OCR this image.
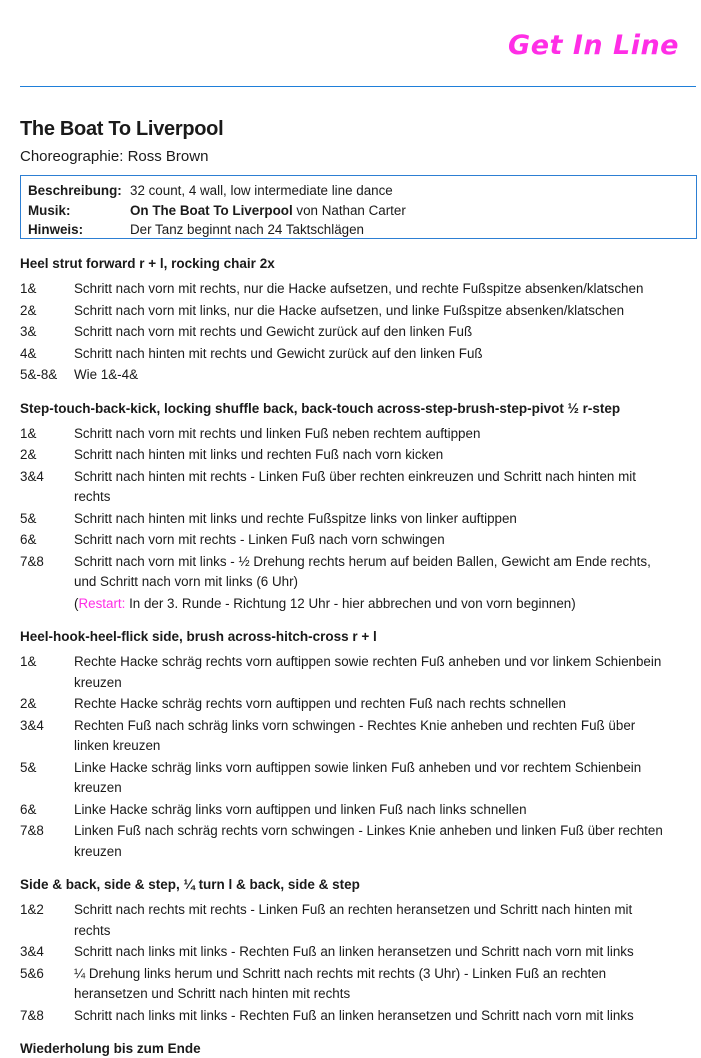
Get In Line
The Boat To Liverpool

Choreographie: Ross Brown

Beschreibung: 32 count, 4 wall, low intermediate line dance
Musik:	On The Boat To Liverpool von Nathan Carter
Hinweis:	Der Tanz beginnt nach 24 Taktschlägen
Heel strut forward r + l, rocking chair 2x
1&	Schritt nach vorn mit rechts, nur die Hacke aufsetzen, und rechte Fußspitze absenken/klatschen
2&	Schritt nach vorn mit links, nur die Hacke aufsetzen, und linke Fußspitze absenken/klatschen
3&	Schritt nach vorn mit rechts und Gewicht zurück auf den linken Fuß
4&	Schritt nach hinten mit rechts und Gewicht zurück auf den linken Fuß
5&-8&	Wie 1&-4&
Step-touch-back-kick, locking shuffle back, back-touch across-step-brush-step-pivot ½ r-step
1&	Schritt nach vorn mit rechts und linken Fuß neben rechtem auftippen
2&	Schritt nach hinten mit links und rechten Fuß nach vorn kicken
3&4	Schritt nach hinten mit rechts - Linken Fuß über rechten einkreuzen und Schritt nach hinten mit rechts
5&	Schritt nach hinten mit links und rechte Fußspitze links von linker auftippen
6&	Schritt nach vorn mit rechts - Linken Fuß nach vorn schwingen
7&8	Schritt nach vorn mit links - ½ Drehung rechts herum auf beiden Ballen, Gewicht am Ende rechts, und Schritt nach vorn mit links (6 Uhr)
(Restart: In der 3. Runde - Richtung 12 Uhr - hier abbrechen und von vorn beginnen)
Heel-hook-heel-flick side, brush across-hitch-cross r + l
1&	Rechte Hacke schräg rechts vorn auftippen sowie rechten Fuß anheben und vor linkem Schienbein kreuzen
2&	Rechte Hacke schräg rechts vorn auftippen und rechten Fuß nach rechts schnellen
3&4	Rechten Fuß nach schräg links vorn schwingen - Rechtes Knie anheben und rechten Fuß über linken kreuzen
5&	Linke Hacke schräg links vorn auftippen sowie linken Fuß anheben und vor rechtem Schienbein kreuzen
6&	Linke Hacke schräg links vorn auftippen und linken Fuß nach links schnellen
7&8	Linken Fuß nach schräg rechts vorn schwingen - Linkes Knie anheben und linken Fuß über rechten kreuzen
Side & back, side & step, ¼ turn l & back, side & step
1&2	Schritt nach rechts mit rechts - Linken Fuß an rechten heransetzen und Schritt nach hinten mit rechts
3&4	Schritt nach links mit links - Rechten Fuß an linken heransetzen und Schritt nach vorn mit links
5&6	¼ Drehung links herum und Schritt nach rechts mit rechts (3 Uhr) - Linken Fuß an rechten heransetzen und Schritt nach hinten mit rechts
7&8	Schritt nach links mit links - Rechten Fuß an linken heransetzen und Schritt nach vorn mit links
Wiederholung bis zum Ende
